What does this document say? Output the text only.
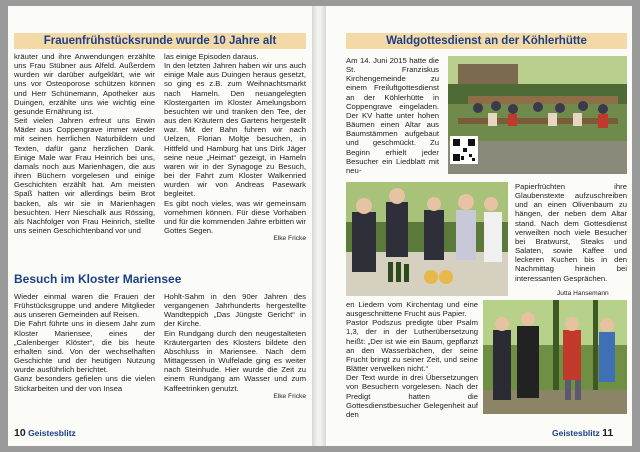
Frauenfrühstücksrunde wurde 10 Jahre alt

kräuter und ihre Anwendungen erzählte uns Frau Stübner aus Alfeld. Außerdem wurden wir darüber aufgeklärt, wie wir uns vor Osteoporose schützen können und Herr Schünemann, Apotheker aus Duingen, erzählte uns wie wichtig eine gesunde Ernährung ist.

Seit vielen Jahren erfreut uns Erwin Mäder aus Coppengrave immer wieder mit seinen herrlichen Naturbildern und Texten, dafür ganz herzlichen Dank. Einige Male war Frau Heinrich bei uns, damals noch aus Marienhagen, die aus ihren Büchern vorgelesen und einige Geschichten erzählt hat. Am meisten Spaß hatten wir allerdings beim Brot backen, als wir sie in Marienhagen besuchten. Herr Nieschalk aus Rössing, als Nachfolger von Frau Heinrich, stellte uns seinen Geschichtenband vor und

las einige Episoden daraus.

In den letzten Jahren haben wir uns auch einige Male aus Duingen heraus gesetzt, so ging es z.B. zum Weihnachtsmarkt nach Hameln. Den neuangelegten Klostergarten im Kloster Amelungsborn besuchten wir und tranken den Tee, der aus den Kräutern des Gartens hergestellt war. Mit der Bahn fuhren wir nach Uelzen, Florian Moltje besuchen, in Hittfeld und Hamburg hat uns Dirk Jäger seine neue „Heimat“ gezeigt, in Hameln waren wir in der Synagoge zu Besuch, bei der Fahrt zum Kloster Walkenried wurden wir von Andreas Pasewark begleitet.

Es gibt noch vieles, was wir gemeinsam vornehmen können. Für diese Vorhaben und für die kommenden Jahre erbitten wir Gottes Segen.

Elke Fricke
Besuch im Kloster Mariensee

Wieder einmal waren die Frauen der Frühstücksgruppe und andere Mitglieder aus unseren Gemeinden auf Reisen.

Die Fahrt führte uns in diesem Jahr zum Kloster Mariensee, eines der „Calenberger Klöster“, die bis heute erhalten sind. Von der wechselhaften Geschichte und der heutigen Nutzung wurde ausführlich berichtet.

Ganz besonders gefielen uns die vielen Stickarbeiten und der von Insea

Hohlt-Sahm in den 90er Jahren des vergangenen Jahrhunderts hergestellte Wandteppich „Das Jüngste Gericht“ in der Kirche.

Ein Rundgang durch den neugestalteten Kräutergarten des Klosters bildete den Abschluss in Mariensee. Nach dem Mittagessen in Wulfelade ging es weiter nach Steinhude. Hier wurde die Zeit zu einem Rundgang am Wasser und zum Kaffeetrinken genutzt.

Elke Fricke
10 Geistesblitz
Waldgottesdienst an der Köhlerhütte
Am 14. Juni 2015 hatte die St. Franziskus Kirchengemeinde zu einem Freiluftgottesdienst an der Köhlerhütte in Coppengrave eingeladen. Der KV hatte unter hohen Bäumen einen Altar aus Baumstämmen aufgebaut und geschmückt. Zu Beginn erhielt jeder Besucher ein Liedblatt mit neu-

Papierfrüchten ihre Glaubenstexte aufzuschreiben und an einen Olivenbaum zu hängen, der neben dem Altar stand. Nach dem Gottesdienst verweilten noch viele Besucher bei Bratwurst, Steaks und Salaten, sowie Kaffee und leckeren Kuchen bis in den Nachmittag hinein bei interessanten Gesprächen.

Jutta Hansemann

en Liedern vom Kirchentag und eine ausgeschnittene Frucht aus Papier.

Pastor Podszus predigte über Psalm 1,3, der in der Lutherübersetzung heißt: „Der ist wie ein Baum, gepflanzt an den Wasserbächen, der seine Frucht bringt zu seiner Zeit, und seine Blätter verwelken nicht.“

Der Text wurde in drei Übersetzungen von Besuchern vorgelesen. Nach der Predigt hatten die Gottesdienstbesucher Gelegenheit auf den

Geistesblitz 11
